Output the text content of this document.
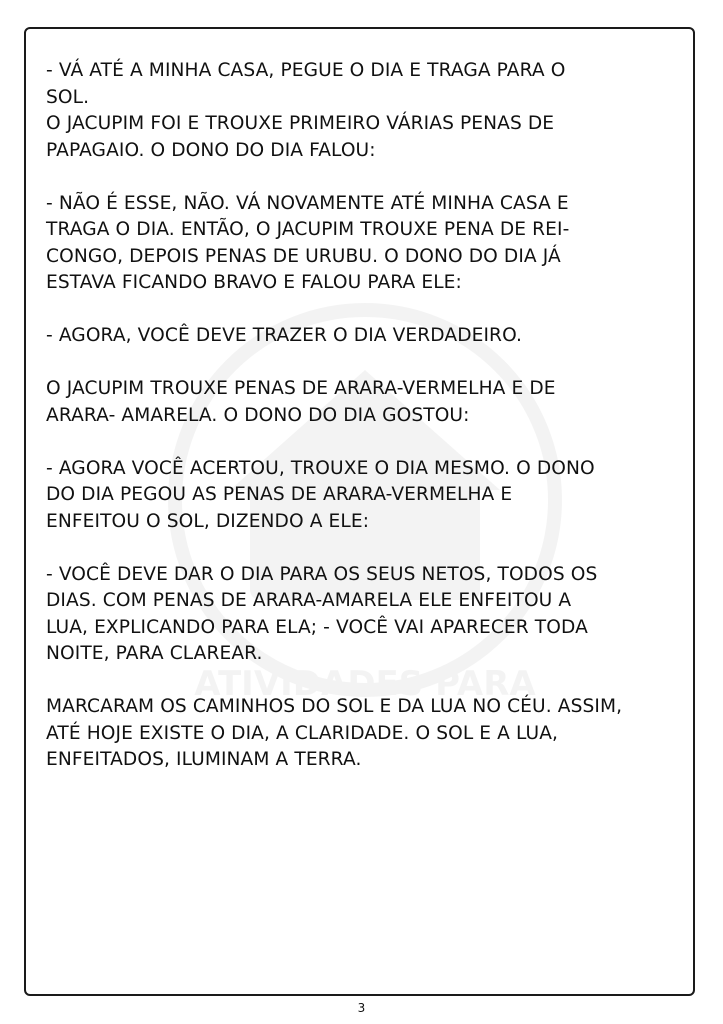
- VÁ ATÉ A MINHA CASA, PEGUE O DIA E TRAGA PARA O
SOL.

O JACUPIM FOI E TROUXE PRIMEIRO VÁRIAS PENAS DE
PAPAGAIO. O DONO DO DIA FALOU:

- NÃO É ESSE, NÃO. VÁ NOVAMENTE ATÉ MINHA CASA E
TRAGA O DIA. ENTÃO, O JACUPIM TROUXE PENA DE REI-
CONGO, DEPOIS PENAS DE URUBU. O DONO DO DIA JÁ
ESTAVA FICANDO BRAVO E FALOU PARA ELE:

- AGORA, VOCÊ DEVE TRAZER O DIA VERDADEIRO.

O JACUPIM TROUXE PENAS DE ARARA-VERMELHA E DE
ARARA- AMARELA. O DONO DO DIA GOSTOU:

- AGORA VOCÊ ACERTOU, TROUXE O DIA MESMO. O DONO
DO DIA PEGOU AS PENAS DE ARARA-VERMELHA E
ENFEITOU O SOL, DIZENDO A ELE:

- VOCÊ DEVE DAR O DIA PARA OS SEUS NETOS, TODOS OS
DIAS. COM PENAS DE ARARA-AMARELA ELE ENFEITOU A
LUA, EXPLICANDO PARA ELA; - VOCÊ VAI APARECER TODA
NOITE, PARA CLAREAR.

MARCARAM OS CAMINHOS DO SOL E DA LUA NO CÉU. ASSIM,
ATÉ HOJE EXISTE O DIA, A CLARIDADE. O SOL E A LUA,
ENFEITADOS, ILUMINAM A TERRA.

3
